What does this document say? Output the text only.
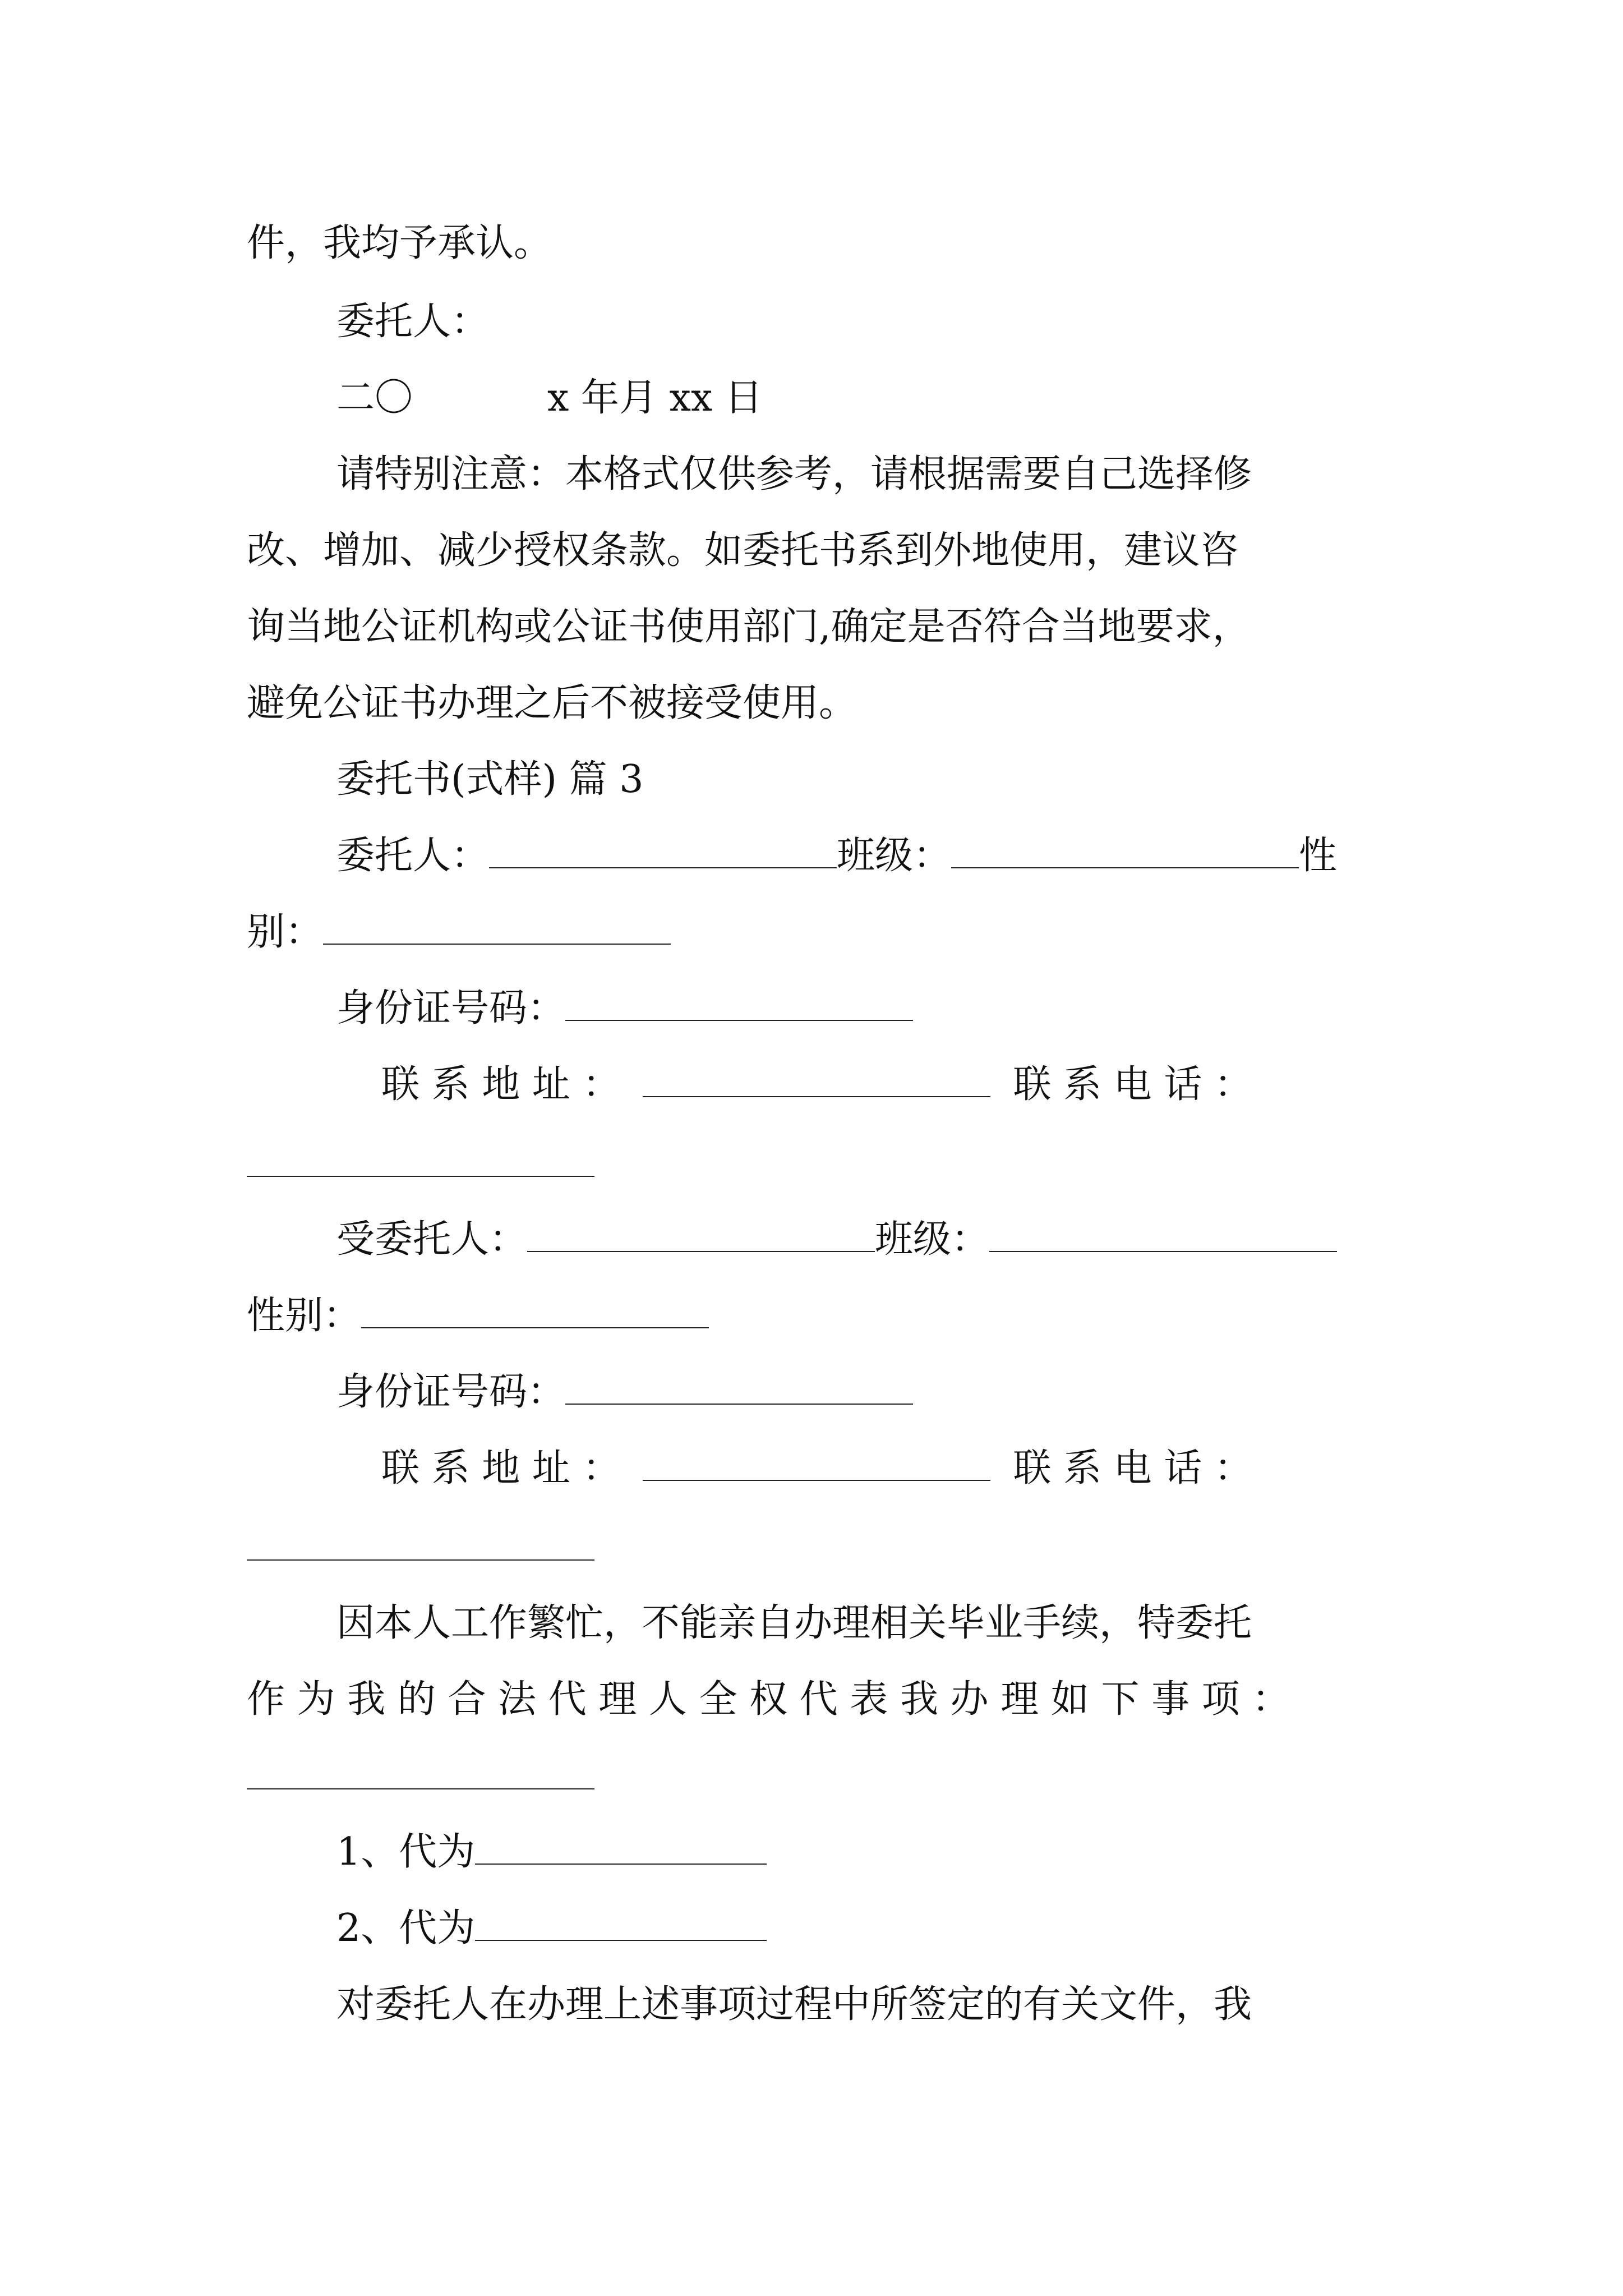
件，我均予承认。
委托人：
二〇	x 年月 xx 日
请特别注意：本格式仅供参考，请根据需要自己选择修
改、增加、减少授权条款。如委托书系到外地使用，建议咨
询当地公证机构或公证书使用部门,确定是否符合当地要求，
避免公证书办理之后不被接受使用。
委托书(式样) 篇 3
委托人：	班级：	性
别：
身份证号码：
联 系 地 址 ：	联 系 电 话 ：
受委托人：	班级：
性别：
身份证号码：
联 系 地 址 ：	联 系 电 话 ：
因本人工作繁忙，不能亲自办理相关毕业手续，特委托
作 为 我 的 合 法 代 理 人 全 权 代 表 我 办 理 如 下 事 项 ：
1、代为
2、代为
对委托人在办理上述事项过程中所签定的有关文件，我
